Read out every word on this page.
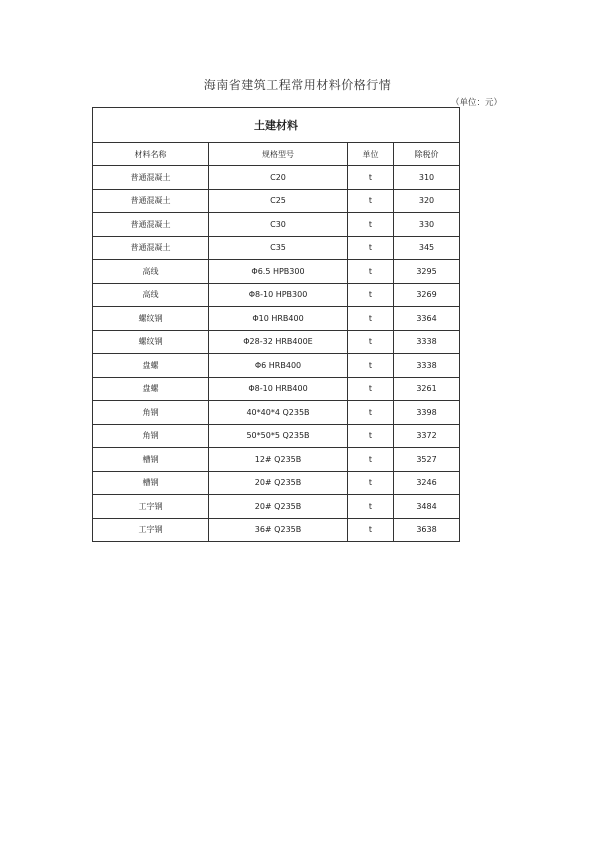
海南省建筑工程常用材料价格行情
（单位：元）
土建材料			
材料名称	规格型号	单位	除税价
普通混凝土	C20	t	310
普通混凝土	C25	t	320
普通混凝土	C30	t	330
普通混凝土	C35	t	345
高线	Φ6.5 HPB300	t	3295
高线	Φ8-10 HPB300	t	3269
螺纹钢	Φ10 HRB400	t	3364
螺纹钢	Φ28-32 HRB400E	t	3338
盘螺	Φ6 HRB400	t	3338
盘螺	Φ8-10 HRB400	t	3261
角钢	40*40*4 Q235B	t	3398
角钢	50*50*5 Q235B	t	3372
槽钢	12# Q235B	t	3527
槽钢	20# Q235B	t	3246
工字钢	20# Q235B	t	3484
工字钢	36# Q235B	t	3638
